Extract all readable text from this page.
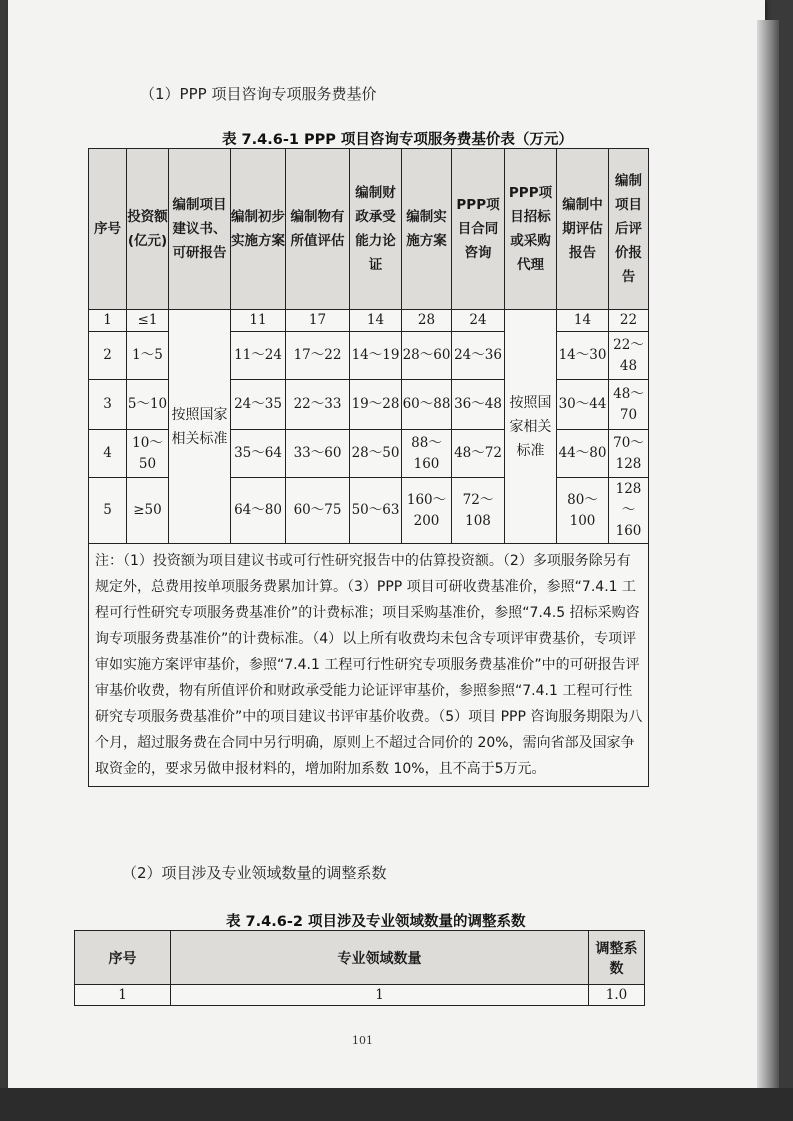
（1）PPP 项目咨询专项服务费基价
表 7.4.6-1 PPP 项目咨询专项服务费基价表（万元）
序号	投资额(亿元)	编制项目建议书、可研报告	编制初步实施方案	编制物有所值评估	编制财政承受能力论证	编制实施方案	PPP项目合同咨询	PPP项目招标或采购代理	编制中期评估报告	编制项目后评价报告
1	≤1	按照国家相关标准	11	17	14	28	24	按照国家相关标准	14	22
2	1～5		11～24	17～22	14～19	28～60	24～36		14～30	22～48
3	5～10		24～35	22～33	19～28	60～88	36～48		30～44	48～70
4	10～50		35～64	33～60	28～50	88～160	48～72		44～80	70～128
5	≥50		64～80	60～75	50～63	160～200	72～108		80～100	128～160
注：（1）投资额为项目建议书或可行性研究报告中的估算投资额。（2）多项服务除另有规定外，总费用按单项服务费累加计算。（3）PPP 项目可研收费基准价，参照“7.4.1 工程可行性研究专项服务费基准价”的计费标准；项目采购基准价，参照“7.4.5 招标采购咨询专项服务费基准价”的计费标准。（4）以上所有收费均未包含专项评审费基价，专项评审如实施方案评审基价，参照“7.4.1 工程可行性研究专项服务费基准价”中的可研报告评审基价收费，物有所值评价和财政承受能力论证评审基价，参照参照“7.4.1 工程可行性研究专项服务费基准价”中的项目建议书评审基价收费。（5）项目 PPP 咨询服务期限为八个月，超过服务费在合同中另行明确，原则上不超过合同价的 20%，需向省部及国家争取资金的，要求另做申报材料的，增加附加系数 10%，且不高于5万元。										
（2）项目涉及专业领域数量的调整系数
表 7.4.6-2 项目涉及专业领域数量的调整系数
序号	专业领域数量	调整系数
1	1	1.0
101
